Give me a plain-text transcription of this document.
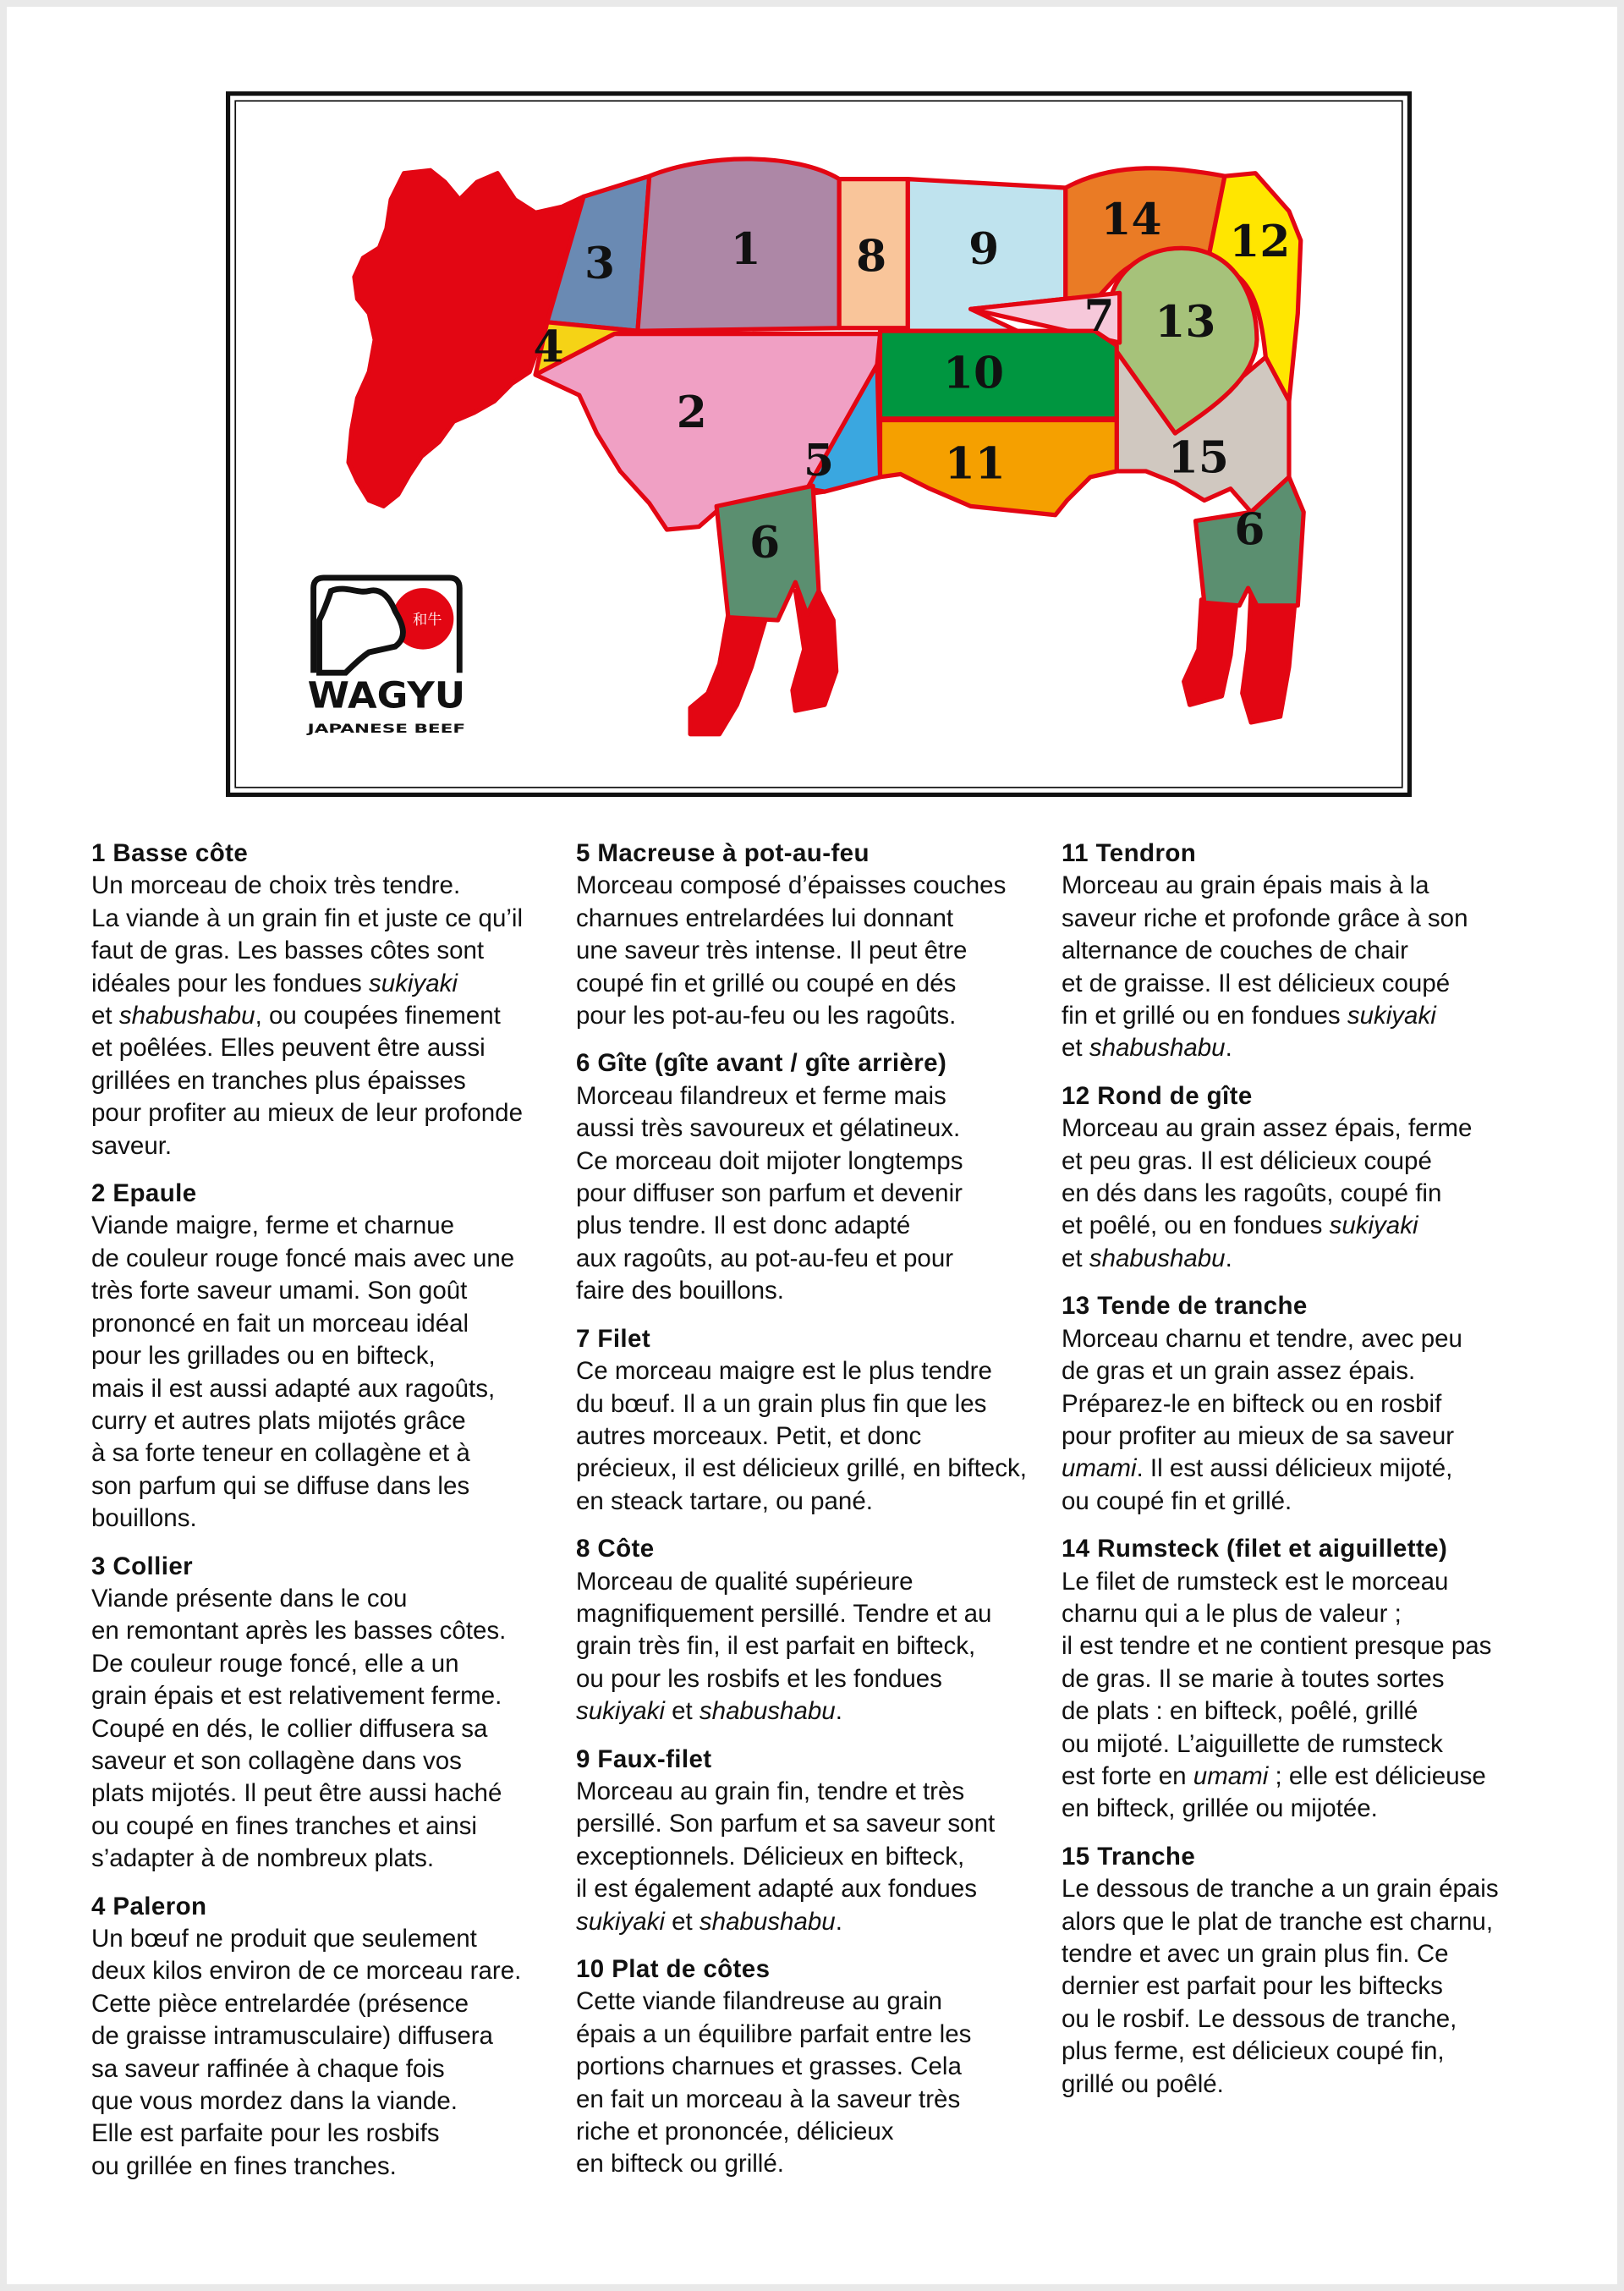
3	1	8	9
14	12
7 13
4
10
2
5	11	15
6	6
和牛
WAGYU
JAPANESE BEEF
1 Basse côte
Un morceau de choix très tendre.
La viande à un grain fin et juste ce qu’il
faut de gras. Les basses côtes sont
idéales pour les fondues sukiyaki
et shabushabu, ou coupées finement
et poêlées. Elles peuvent être aussi
grillées en tranches plus épaisses
pour profiter au mieux de leur profonde
saveur.
2 Epaule
Viande maigre, ferme et charnue
de couleur rouge foncé mais avec une
très forte saveur umami. Son goût
prononcé en fait un morceau idéal
pour les grillades ou en bifteck,
mais il est aussi adapté aux ragoûts,
curry et autres plats mijotés grâce
à sa forte teneur en collagène et à
son parfum qui se diffuse dans les
bouillons.
3 Collier
Viande présente dans le cou
en remontant après les basses côtes.
De couleur rouge foncé, elle a un
grain épais et est relativement ferme.
Coupé en dés, le collier diffusera sa
saveur et son collagène dans vos
plats mijotés. Il peut être aussi haché
ou coupé en fines tranches et ainsi
s’adapter à de nombreux plats.
4 Paleron
Un bœuf ne produit que seulement
deux kilos environ de ce morceau rare.
Cette pièce entrelardée (présence
de graisse intramusculaire) diffusera
sa saveur raffinée à chaque fois
que vous mordez dans la viande.
Elle est parfaite pour les rosbifs
ou grillée en fines tranches.
5 Macreuse à pot-au-feu
Morceau composé d’épaisses couches
charnues entrelardées lui donnant
une saveur très intense. Il peut être
coupé fin et grillé ou coupé en dés
pour les pot-au-feu ou les ragoûts.
6 Gîte (gîte avant / gîte arrière)
Morceau filandreux et ferme mais
aussi très savoureux et gélatineux.
Ce morceau doit mijoter longtemps
pour diffuser son parfum et devenir
plus tendre. Il est donc adapté
aux ragoûts, au pot-au-feu et pour
faire des bouillons.
7 Filet
Ce morceau maigre est le plus tendre
du bœuf. Il a un grain plus fin que les
autres morceaux. Petit, et donc
précieux, il est délicieux grillé, en bifteck,
en steack tartare, ou pané.
8 Côte
Morceau de qualité supérieure
magnifiquement persillé. Tendre et au
grain très fin, il est parfait en bifteck,
ou pour les rosbifs et les fondues
sukiyaki et shabushabu.
9 Faux-filet
Morceau au grain fin, tendre et très
persillé. Son parfum et sa saveur sont
exceptionnels. Délicieux en bifteck,
il est également adapté aux fondues
sukiyaki et shabushabu.
10 Plat de côtes
Cette viande filandreuse au grain
épais a un équilibre parfait entre les
portions charnues et grasses. Cela
en fait un morceau à la saveur très
riche et prononcée, délicieux
en bifteck ou grillé.
11 Tendron
Morceau au grain épais mais à la
saveur riche et profonde grâce à son
alternance de couches de chair
et de graisse. Il est délicieux coupé
fin et grillé ou en fondues sukiyaki
et shabushabu.
12 Rond de gîte
Morceau au grain assez épais, ferme
et peu gras. Il est délicieux coupé
en dés dans les ragoûts, coupé fin
et poêlé, ou en fondues sukiyaki
et shabushabu.
13 Tende de tranche
Morceau charnu et tendre, avec peu
de gras et un grain assez épais.
Préparez-le en bifteck ou en rosbif
pour profiter au mieux de sa saveur
umami. Il est aussi délicieux mijoté,
ou coupé fin et grillé.
14 Rumsteck (filet et aiguillette)
Le filet de rumsteck est le morceau
charnu qui a le plus de valeur ;
il est tendre et ne contient presque pas
de gras. Il se marie à toutes sortes
de plats : en bifteck, poêlé, grillé
ou mijoté. L’aiguillette de rumsteck
est forte en umami ; elle est délicieuse
en bifteck, grillée ou mijotée.
15 Tranche
Le dessous de tranche a un grain épais
alors que le plat de tranche est charnu,
tendre et avec un grain plus fin. Ce
dernier est parfait pour les biftecks
ou le rosbif. Le dessous de tranche,
plus ferme, est délicieux coupé fin,
grillé ou poêlé.
